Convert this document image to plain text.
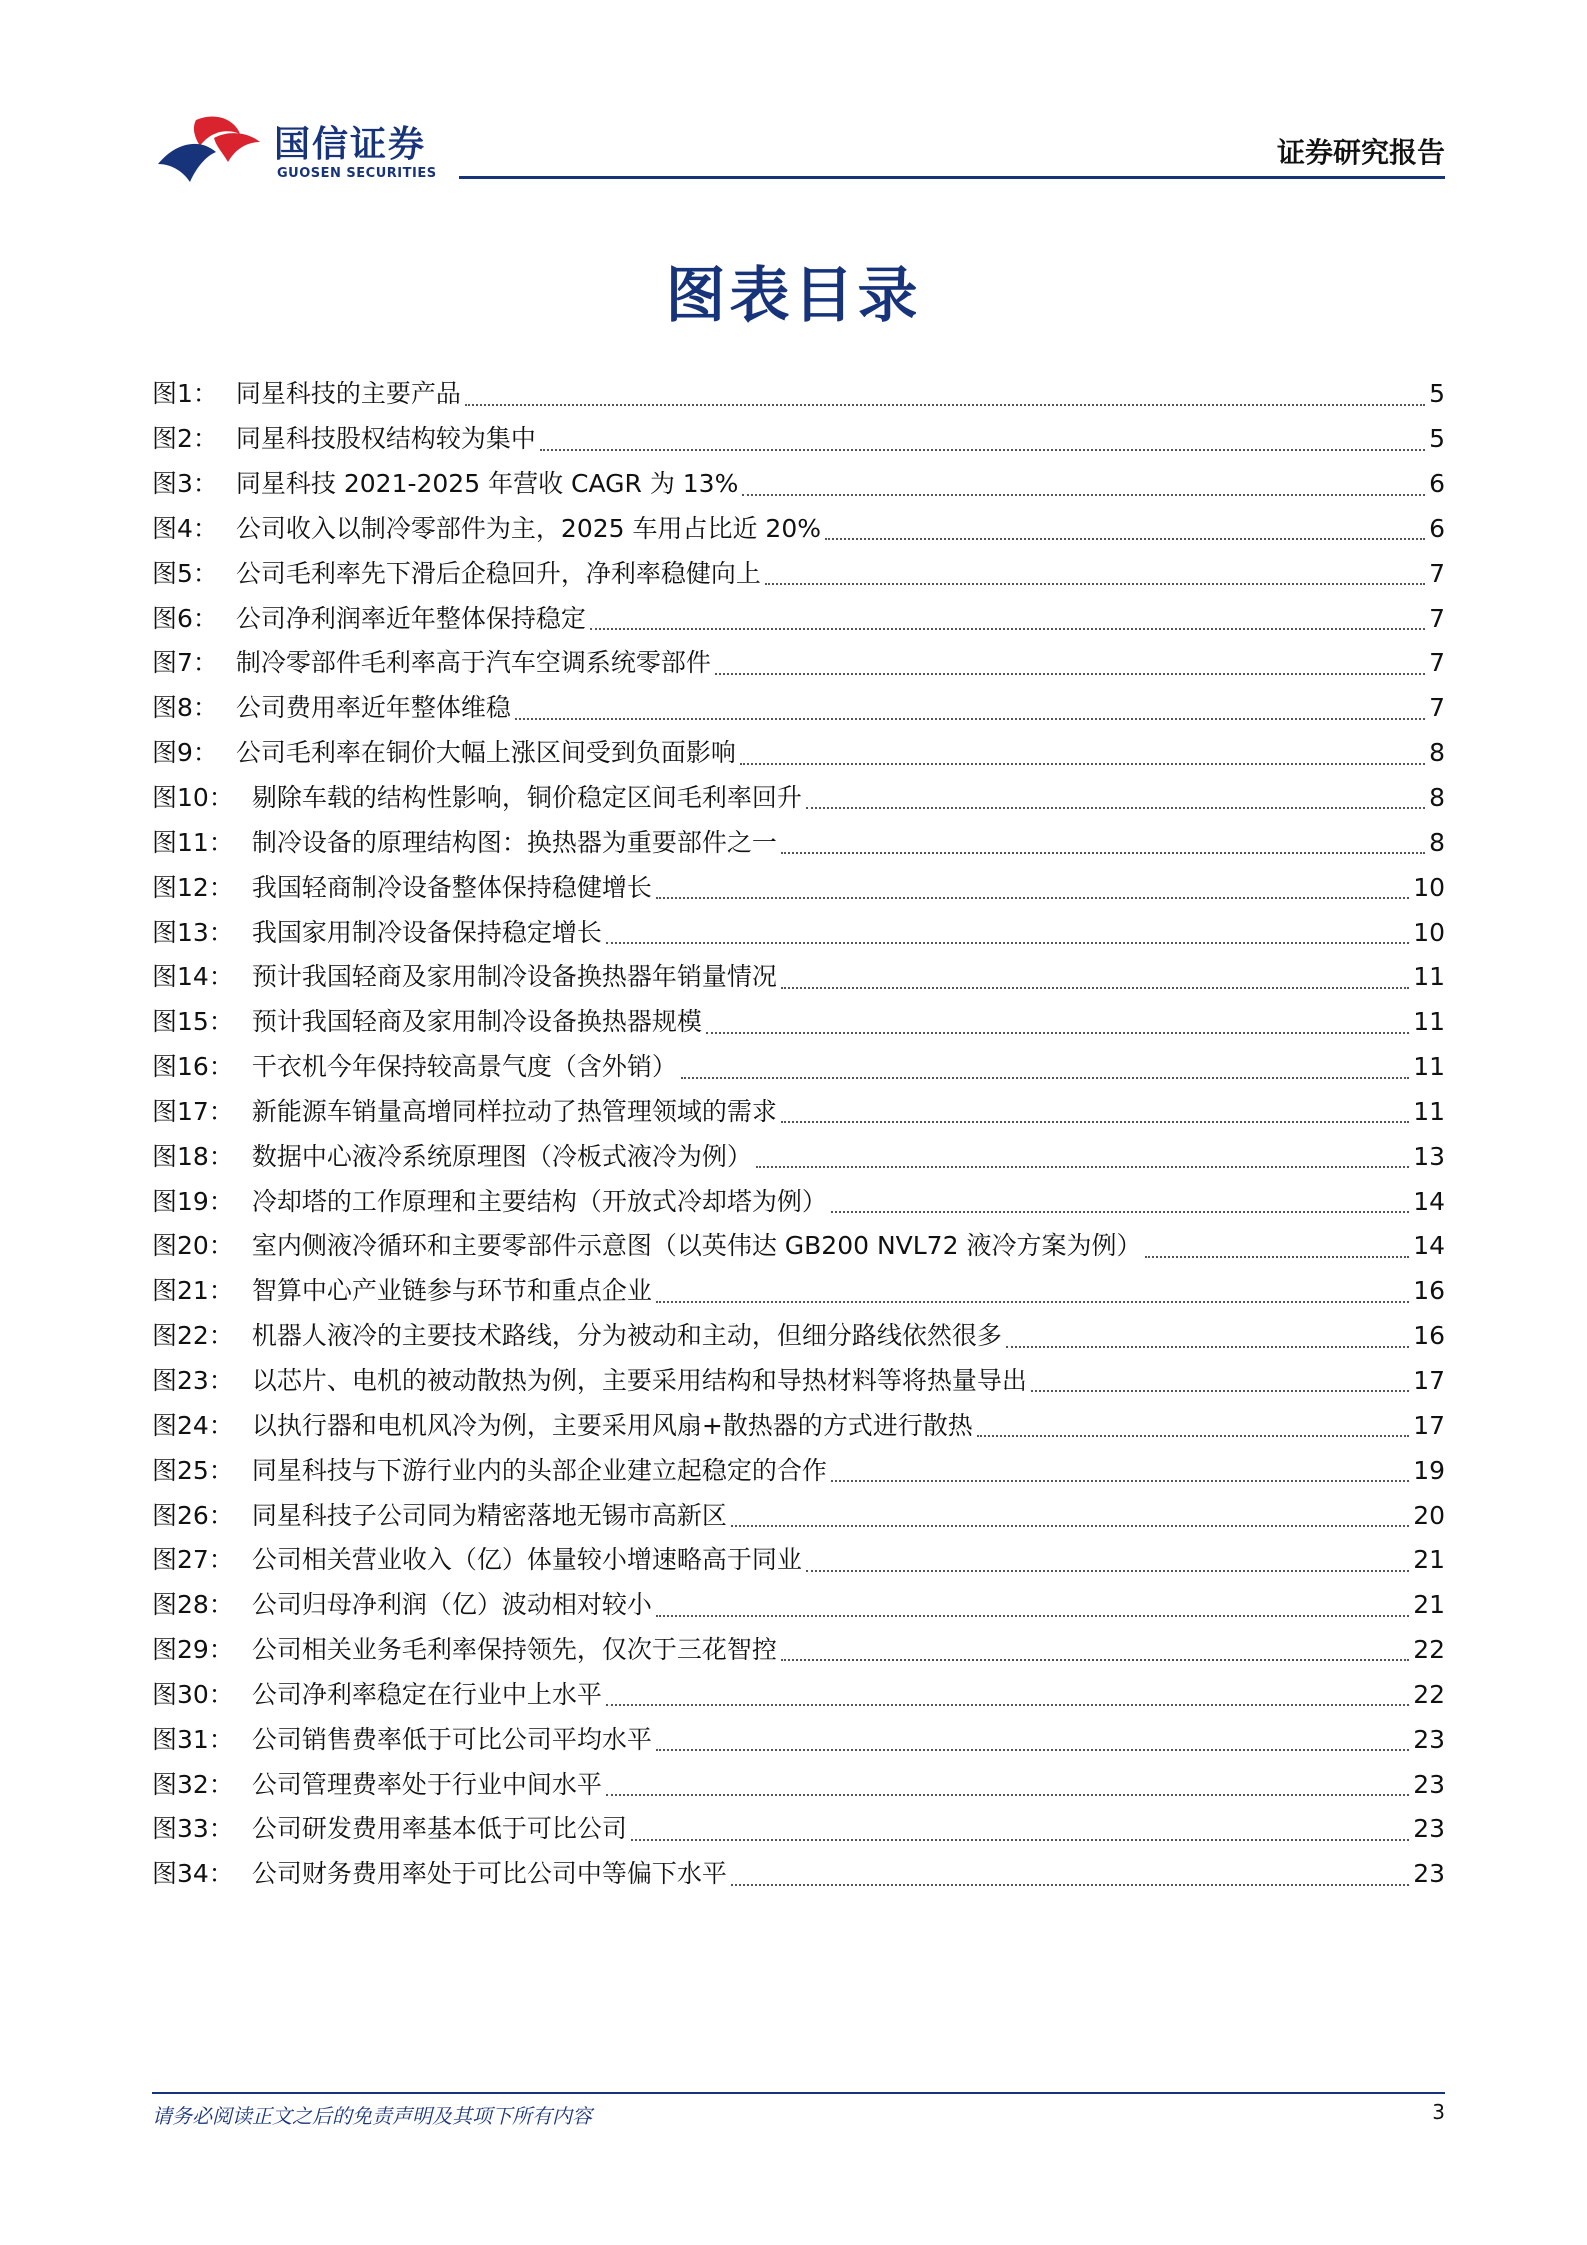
国信证券
GUOSEN SECURITIES
证券研究报告
图表目录
图1： 同星科技的主要产品	5
图2： 同星科技股权结构较为集中	5
图3： 同星科技 2021-2025 年营收 CAGR 为 13%	6
图4： 公司收入以制冷零部件为主，2025 车用占比近 20%	6
图5： 公司毛利率先下滑后企稳回升，净利率稳健向上	7
图6： 公司净利润率近年整体保持稳定	7
图7： 制冷零部件毛利率高于汽车空调系统零部件	7
图8： 公司费用率近年整体维稳	7
图9： 公司毛利率在铜价大幅上涨区间受到负面影响	8
图10： 剔除车载的结构性影响，铜价稳定区间毛利率回升	8
图11： 制冷设备的原理结构图：换热器为重要部件之一	8
图12： 我国轻商制冷设备整体保持稳健增长	10
图13： 我国家用制冷设备保持稳定增长	10
图14： 预计我国轻商及家用制冷设备换热器年销量情况	11
图15： 预计我国轻商及家用制冷设备换热器规模	11
图16： 干衣机今年保持较高景气度（含外销）	11
图17： 新能源车销量高增同样拉动了热管理领域的需求	11
图18： 数据中心液冷系统原理图（冷板式液冷为例）	13
图19： 冷却塔的工作原理和主要结构（开放式冷却塔为例）	14
图20： 室内侧液冷循环和主要零部件示意图（以英伟达 GB200 NVL72 液冷方案为例）	14
图21： 智算中心产业链参与环节和重点企业	16
图22： 机器人液冷的主要技术路线，分为被动和主动，但细分路线依然很多	16
图23： 以芯片、电机的被动散热为例，主要采用结构和导热材料等将热量导出	17
图24： 以执行器和电机风冷为例，主要采用风扇+散热器的方式进行散热	17
图25： 同星科技与下游行业内的头部企业建立起稳定的合作	19
图26： 同星科技子公司同为精密落地无锡市高新区	20
图27： 公司相关营业收入（亿）体量较小增速略高于同业	21
图28： 公司归母净利润（亿）波动相对较小	21
图29： 公司相关业务毛利率保持领先，仅次于三花智控	22
图30： 公司净利率稳定在行业中上水平	22
图31： 公司销售费率低于可比公司平均水平	23
图32： 公司管理费率处于行业中间水平	23
图33： 公司研发费用率基本低于可比公司	23
图34： 公司财务费用率处于可比公司中等偏下水平	23
请务必阅读正文之后的免责声明及其项下所有内容	3
